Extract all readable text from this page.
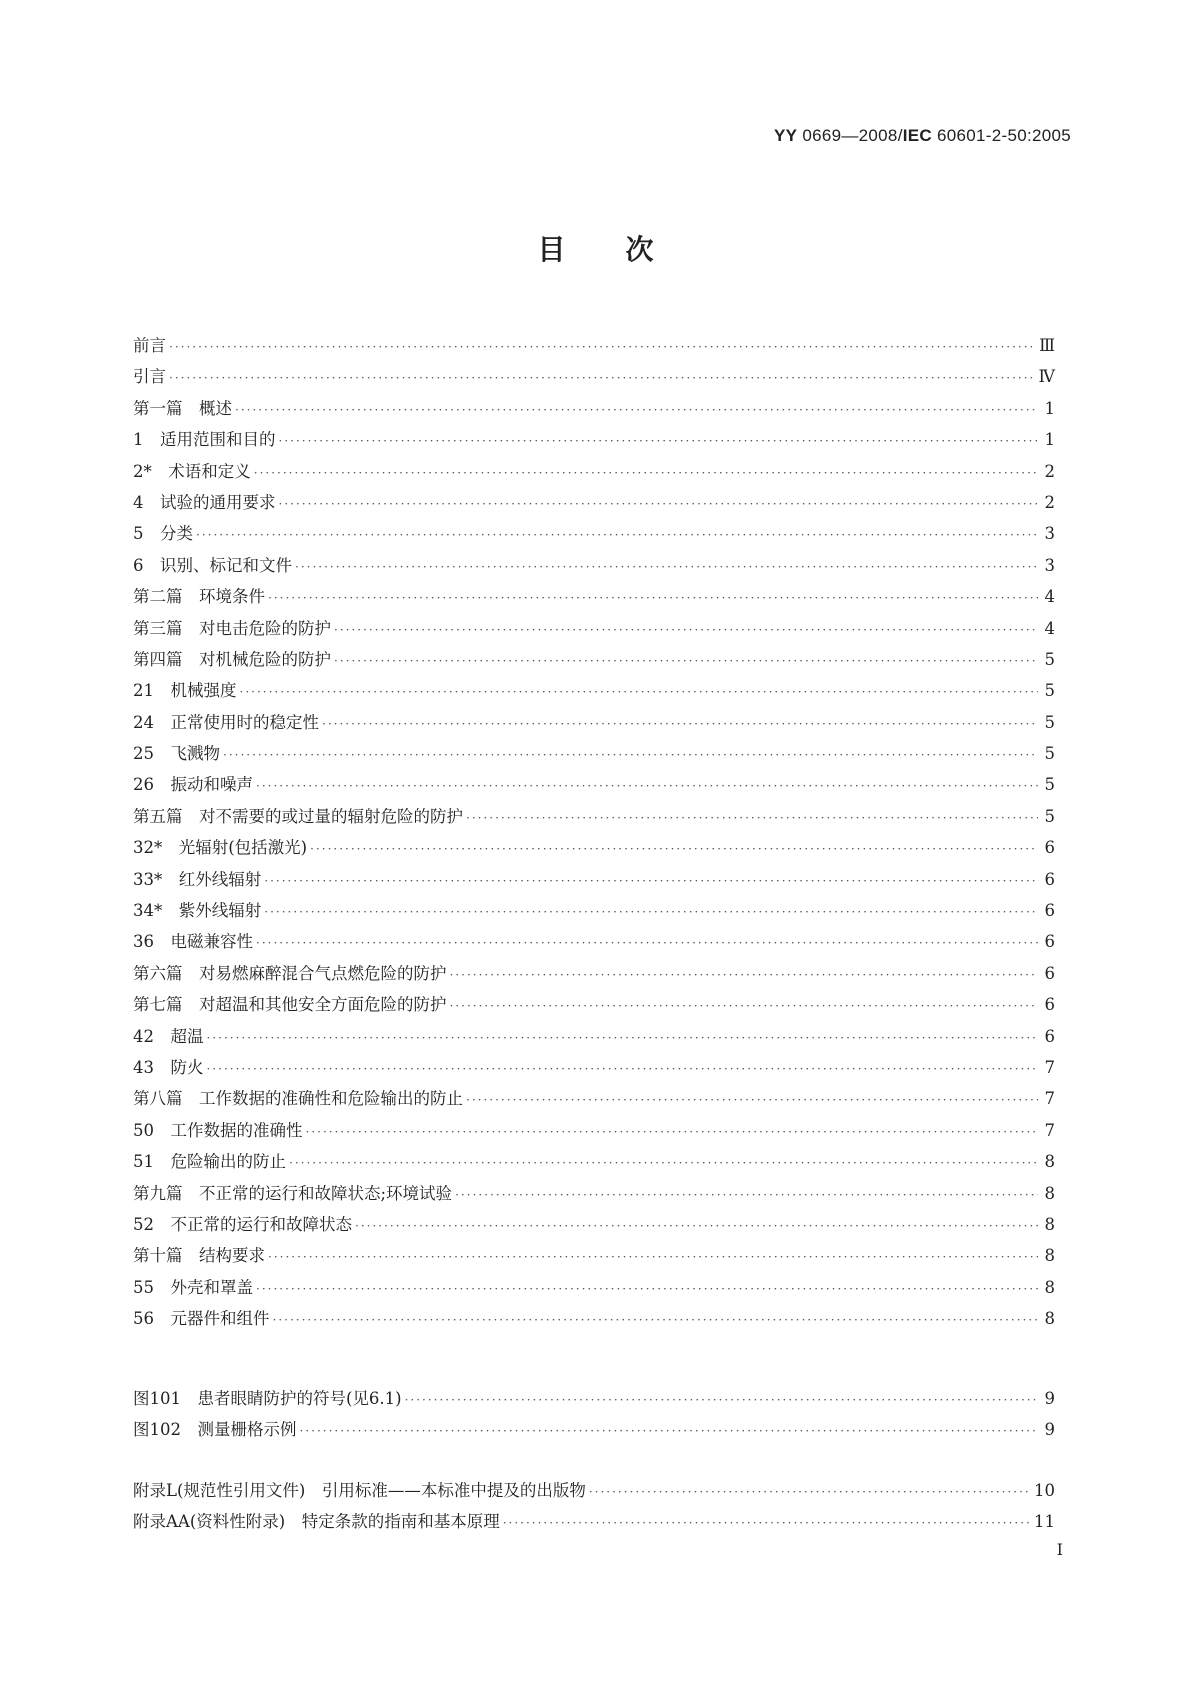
YY 0669—2008/IEC 60601-2-50:2005
目 次
前言 ·····	Ⅲ
引言 ·····	Ⅳ
第一篇　概述 ·····	1
1　适用范围和目的 ·····	1
2*　术语和定义 ·····	2
4　试验的通用要求 ·····	2
5　分类 ·····	3
6　识别、标记和文件 ·····	3
第二篇　环境条件 ·····	4
第三篇　对电击危险的防护 ·····	4
第四篇　对机械危险的防护 ·····	5
21　机械强度 ·····	5
24　正常使用时的稳定性 ·····	5
25　飞溅物 ·····	5
26　振动和噪声 ·····	5
第五篇　对不需要的或过量的辐射危险的防护 ·····	5
32*　光辐射(包括激光) ·····	6
33*　红外线辐射 ·····	6
34*　紫外线辐射 ·····	6
36　电磁兼容性 ·····	6
第六篇　对易燃麻醉混合气点燃危险的防护 ·····	6
第七篇　对超温和其他安全方面危险的防护 ·····	6
42　超温 ·····	6
43　防火 ·····	7
第八篇　工作数据的准确性和危险输出的防止 ·····	7
50　工作数据的准确性 ·····	7
51　危险输出的防止 ·····	8
第九篇　不正常的运行和故障状态;环境试验 ·····	8
52　不正常的运行和故障状态 ·····	8
第十篇　结构要求 ·····	8
55　外壳和罩盖 ·····	8
56　元器件和组件 ·····	8
图101　患者眼睛防护的符号(见6.1) ·····	9
图102　测量栅格示例 ·····	9
附录L(规范性引用文件)　引用标准——本标准中提及的出版物 ·····	10
附录AA(资料性附录)　特定条款的指南和基本原理 ·····	11
I
